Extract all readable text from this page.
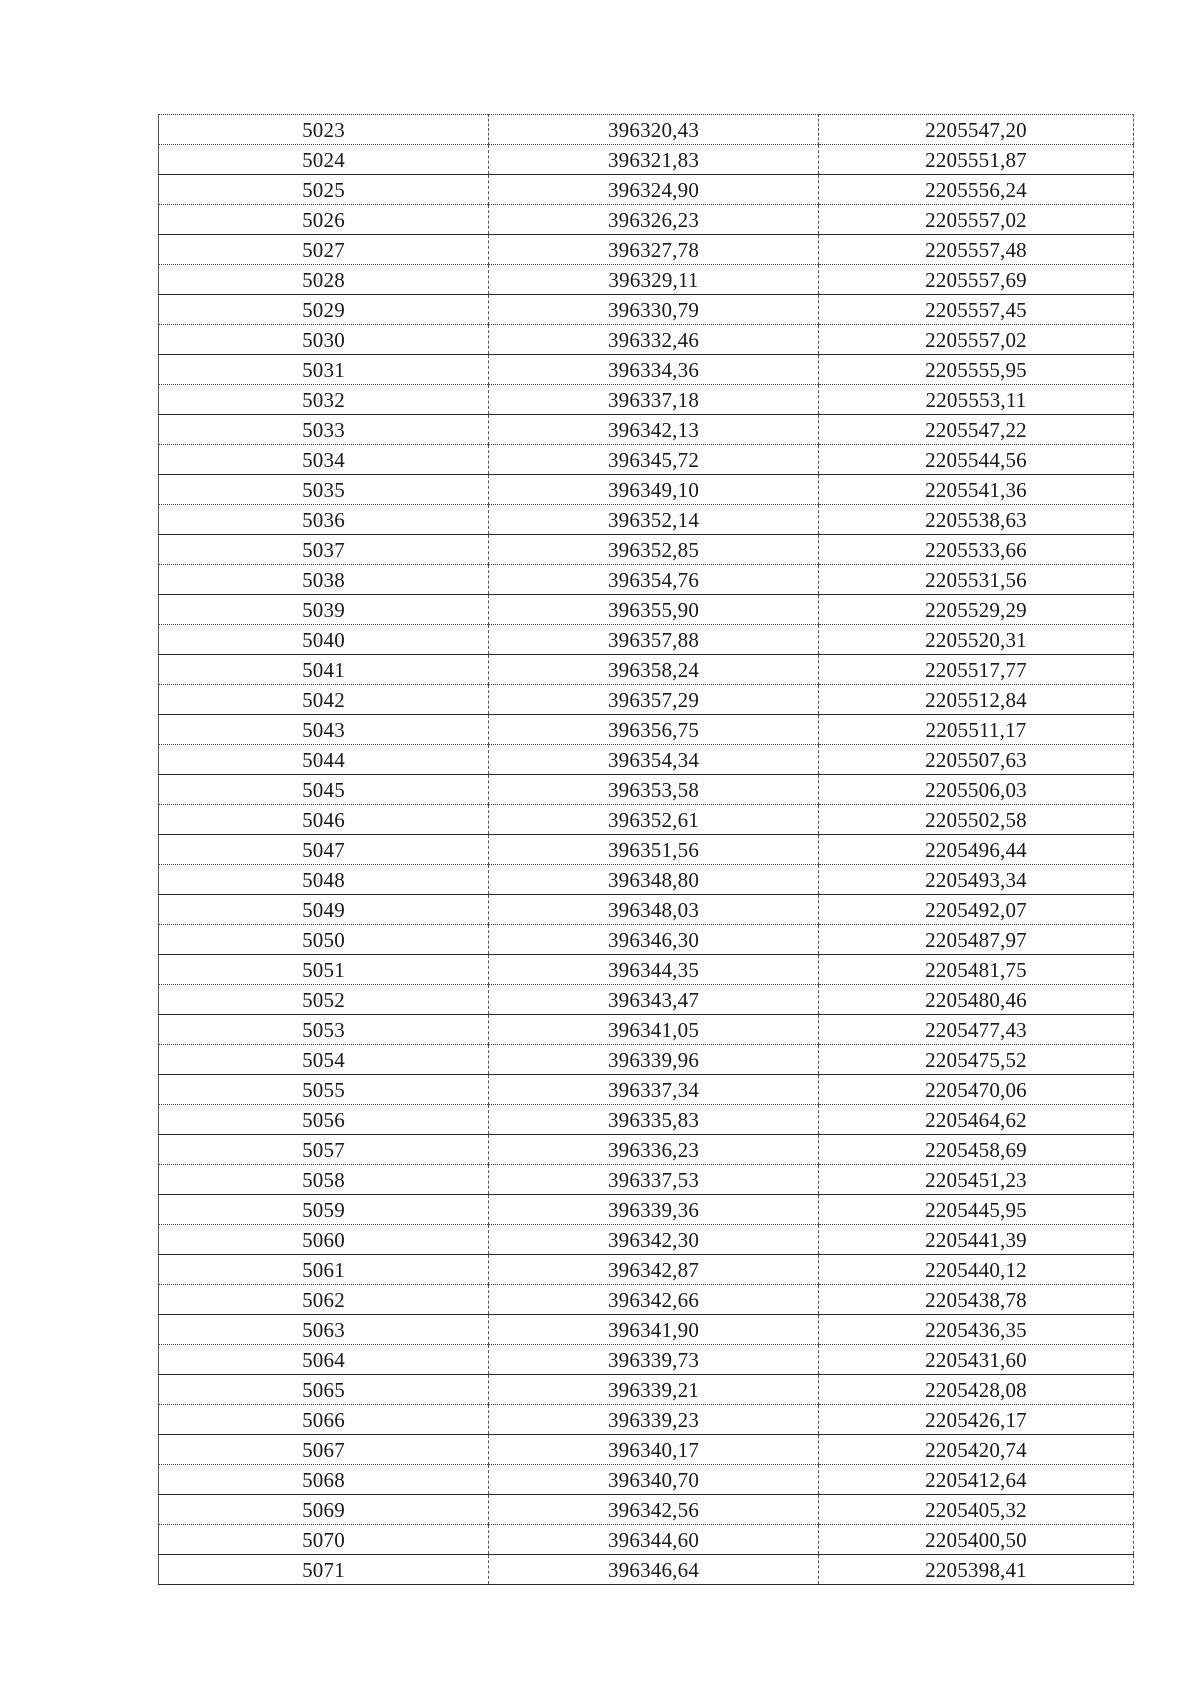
5023	396320,43	2205547,20
5024	396321,83	2205551,87
5025	396324,90	2205556,24
5026	396326,23	2205557,02
5027	396327,78	2205557,48
5028	396329,11	2205557,69
5029	396330,79	2205557,45
5030	396332,46	2205557,02
5031	396334,36	2205555,95
5032	396337,18	2205553,11
5033	396342,13	2205547,22
5034	396345,72	2205544,56
5035	396349,10	2205541,36
5036	396352,14	2205538,63
5037	396352,85	2205533,66
5038	396354,76	2205531,56
5039	396355,90	2205529,29
5040	396357,88	2205520,31
5041	396358,24	2205517,77
5042	396357,29	2205512,84
5043	396356,75	2205511,17
5044	396354,34	2205507,63
5045	396353,58	2205506,03
5046	396352,61	2205502,58
5047	396351,56	2205496,44
5048	396348,80	2205493,34
5049	396348,03	2205492,07
5050	396346,30	2205487,97
5051	396344,35	2205481,75
5052	396343,47	2205480,46
5053	396341,05	2205477,43
5054	396339,96	2205475,52
5055	396337,34	2205470,06
5056	396335,83	2205464,62
5057	396336,23	2205458,69
5058	396337,53	2205451,23
5059	396339,36	2205445,95
5060	396342,30	2205441,39
5061	396342,87	2205440,12
5062	396342,66	2205438,78
5063	396341,90	2205436,35
5064	396339,73	2205431,60
5065	396339,21	2205428,08
5066	396339,23	2205426,17
5067	396340,17	2205420,74
5068	396340,70	2205412,64
5069	396342,56	2205405,32
5070	396344,60	2205400,50
5071	396346,64	2205398,41
